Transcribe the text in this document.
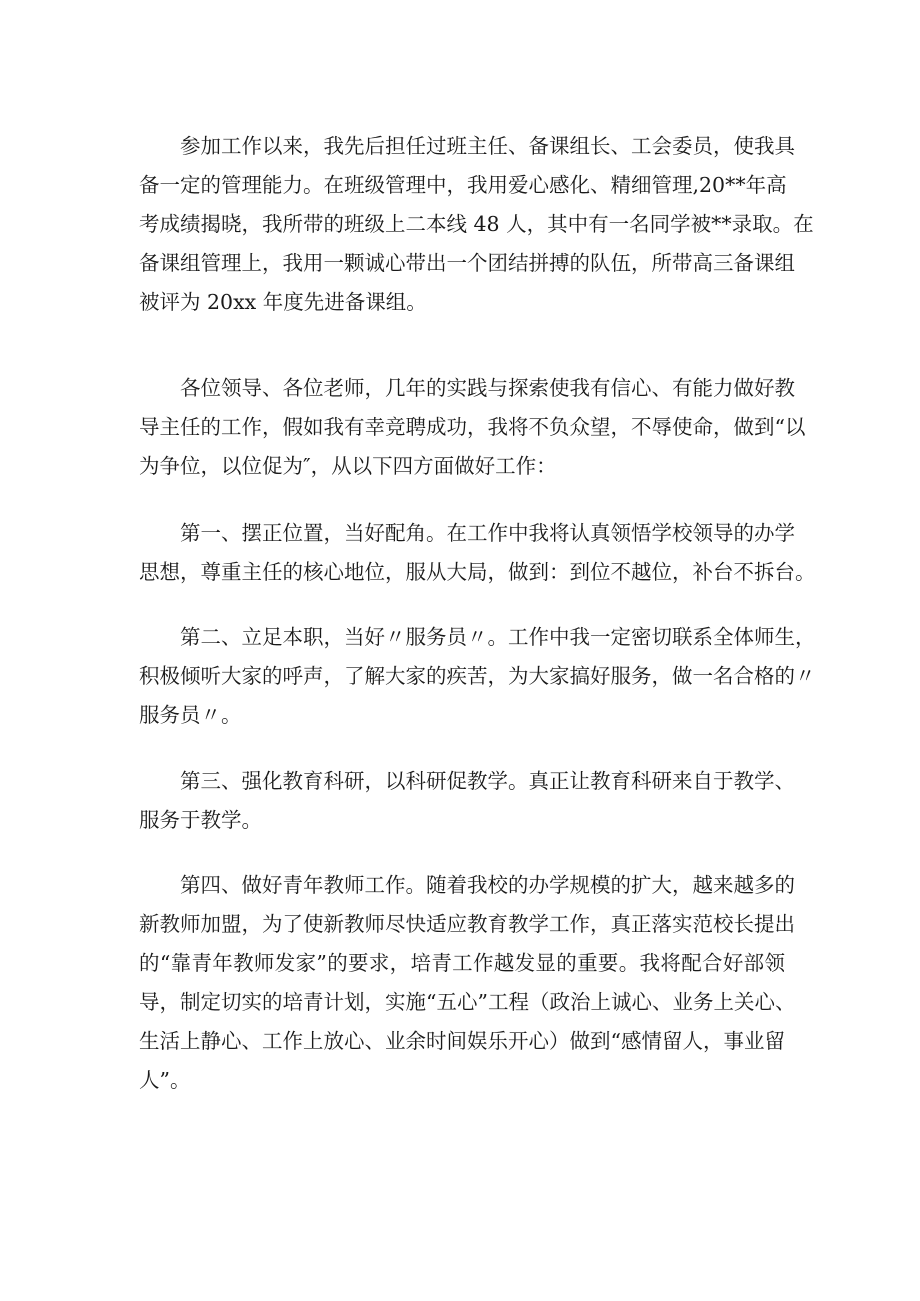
参加工作以来，我先后担任过班主任、备课组长、工会委员，使我具
备一定的管理能力。在班级管理中，我用爱心感化、精细管理,20**年高
考成绩揭晓，我所带的班级上二本线 48 人，其中有一名同学被**录取。在
备课组管理上，我用一颗诚心带出一个团结拼搏的队伍，所带高三备课组
被评为 20xx 年度先进备课组。
各位领导、各位老师，几年的实践与探索使我有信心、有能力做好教
导主任的工作，假如我有幸竞聘成功，我将不负众望，不辱使命，做到“以
为争位，以位促为″，从以下四方面做好工作：
第一、摆正位置，当好配角。在工作中我将认真领悟学校领导的办学
思想，尊重主任的核心地位，服从大局，做到：到位不越位，补台不拆台。
第二、立足本职，当好〃服务员〃。工作中我一定密切联系全体师生，
积极倾听大家的呼声，了解大家的疾苦，为大家搞好服务，做一名合格的〃
服务员〃。
第三、强化教育科研，以科研促教学。真正让教育科研来自于教学、
服务于教学。
第四、做好青年教师工作。随着我校的办学规模的扩大，越来越多的
新教师加盟，为了使新教师尽快适应教育教学工作，真正落实范校长提出
的“靠青年教师发家”的要求，培青工作越发显的重要。我将配合好部领
导，制定切实的培青计划，实施“五心”工程（政治上诚心、业务上关心、
生活上静心、工作上放心、业余时间娱乐开心）做到“感情留人，事业留
人”。
